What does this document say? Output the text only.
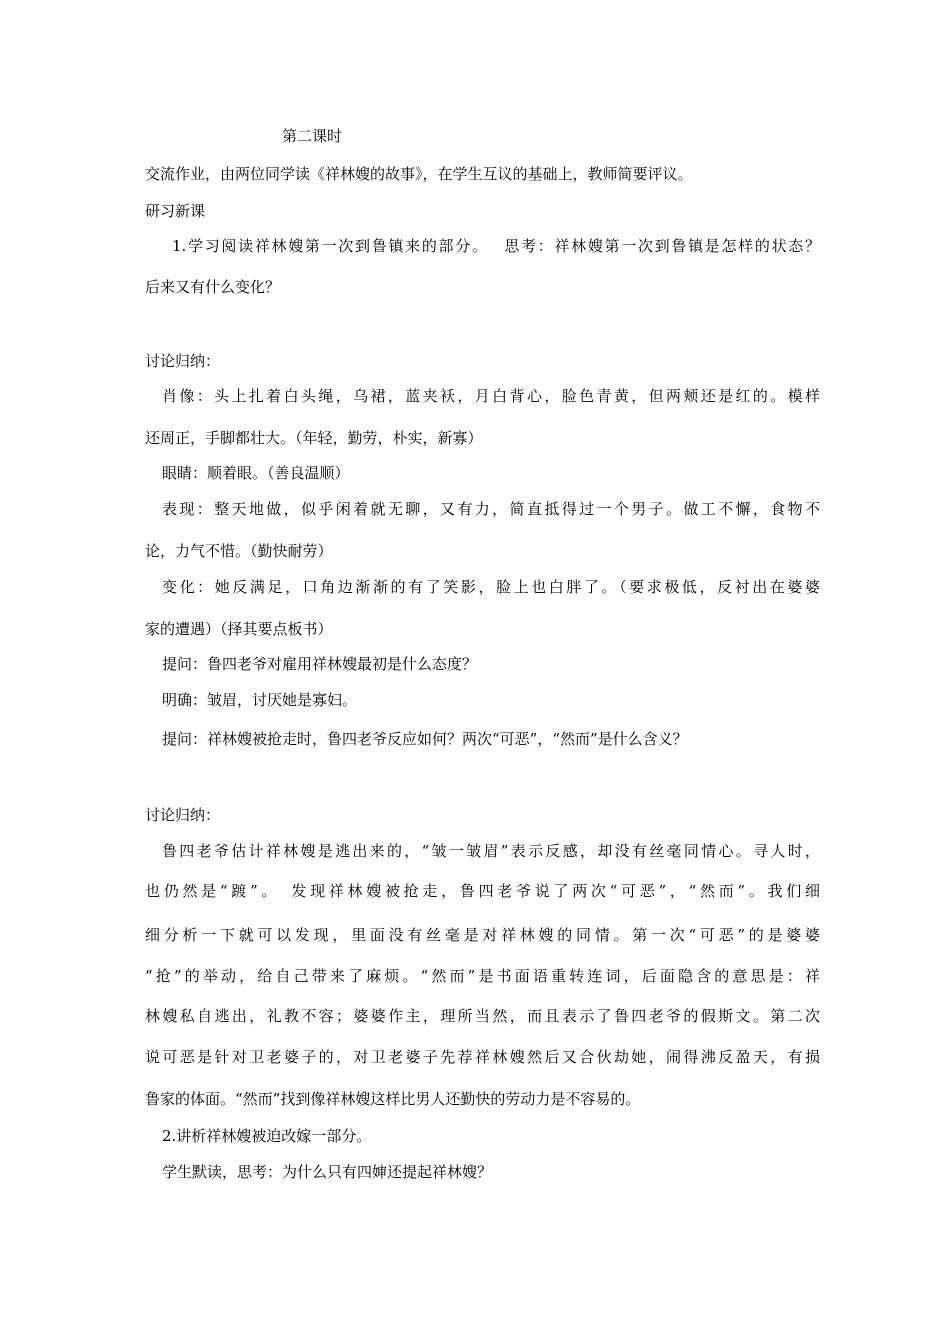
第二课时
交流作业，由两位同学读《祥林嫂的故事》，在学生互议的基础上，教师简要评议。
研习新课
1.学习阅读祥林嫂第一次到鲁镇来的部分。　 思考：祥林嫂第一次到鲁镇是怎样的状态？
后来又有什么变化？
讨论归纳：
肖像：头上扎着白头绳，乌裙，蓝夹袄，月白背心，脸色青黄，但两颊还是红的。模样
还周正，手脚都壮大。（年轻，勤劳，朴实，新寡）
眼睛：顺着眼。（善良温顺）
表现：整天地做，似乎闲着就无聊，又有力，简直抵得过一个男子。做工不懈，食物不
论，力气不惜。（勤快耐劳）
变化：她反满足，口角边渐渐的有了笑影，脸上也白胖了。（要求极低，反衬出在婆婆
家的遭遇）（择其要点板书）
提问：鲁四老爷对雇用祥林嫂最初是什么态度？
明确：皱眉，讨厌她是寡妇。
提问：祥林嫂被抢走时，鲁四老爷反应如何？两次“可恶”，“然而”是什么含义？
讨论归纳：
鲁四老爷估计祥林嫂是逃出来的，“皱一皱眉”表示反感，却没有丝毫同情心。寻人时，
也仍然是“踱”。　发现祥林嫂被抢走，鲁四老爷说了两次“可恶”，“然而”。我们细
细分析一下就可以发现，里面没有丝毫是对祥林嫂的同情。第一次“可恶”的是婆婆
“抢”的举动，给自己带来了麻烦。“然而”是书面语重转连词，后面隐含的意思是：祥
林嫂私自逃出，礼教不容；婆婆作主，理所当然，而且表示了鲁四老爷的假斯文。第二次
说可恶是针对卫老婆子的，对卫老婆子先荐祥林嫂然后又合伙劫她，闹得沸反盈天，有损
鲁家的体面。“然而”找到像祥林嫂这样比男人还勤快的劳动力是不容易的。
2.讲析祥林嫂被迫改嫁一部分。
学生默读，思考：为什么只有四婶还提起祥林嫂？
